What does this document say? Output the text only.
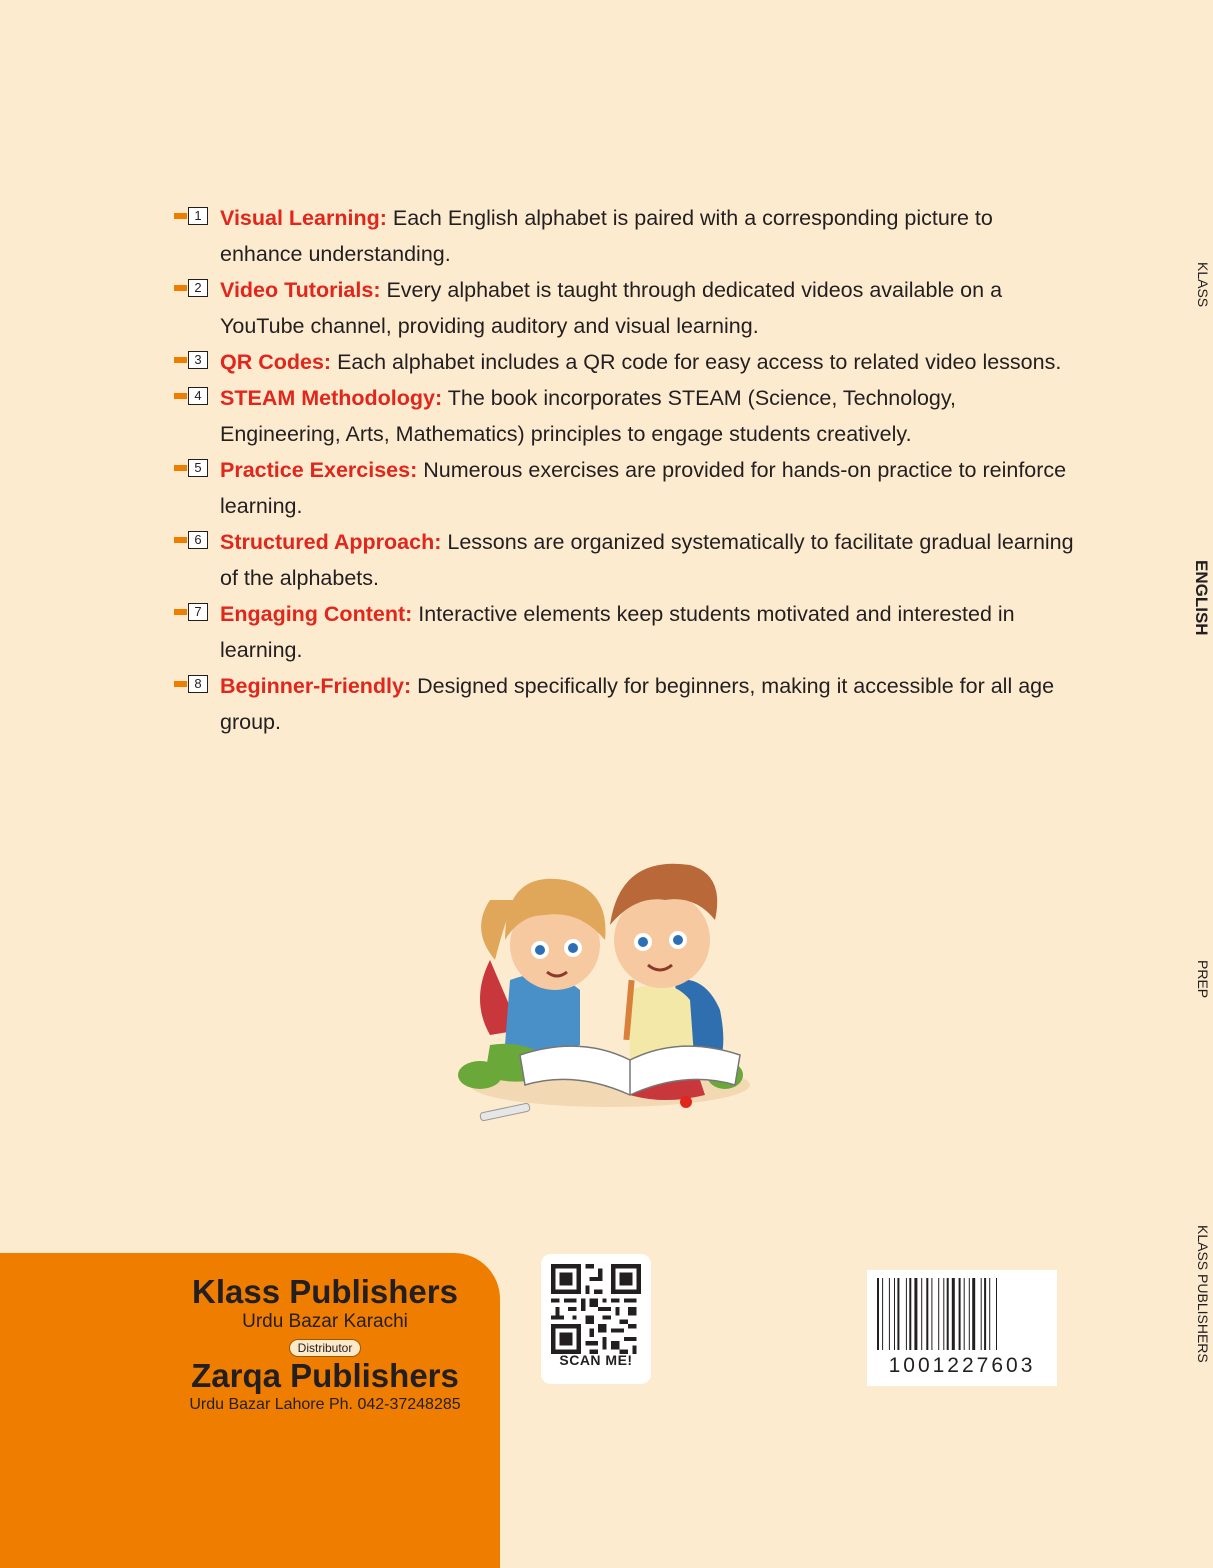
1 Visual Learning: Each English alphabet is paired with a corresponding picture to enhance understanding.
2 Video Tutorials: Every alphabet is taught through dedicated videos available on a YouTube channel, providing auditory and visual learning.
3 QR Codes: Each alphabet includes a QR code for easy access to related video lessons.
4 STEAM Methodology: The book incorporates STEAM (Science, Technology, Engineering, Arts, Mathematics) principles to engage students creatively.
5 Practice Exercises: Numerous exercises are provided for hands-on practice to reinforce learning.
6 Structured Approach: Lessons are organized systematically to facilitate gradual learning of the alphabets.
7 Engaging Content: Interactive elements keep students motivated and interested in learning.
8 Beginner-Friendly: Designed specifically for beginners, making it accessible for all age group.
KLASS
ENGLISH
PREP
KLASS PUBLISHERS
Klass Publishers
Urdu Bazar Karachi
Distributor
Zarqa Publishers
Urdu Bazar Lahore Ph. 042-37248285
SCAN ME!	1001227603
